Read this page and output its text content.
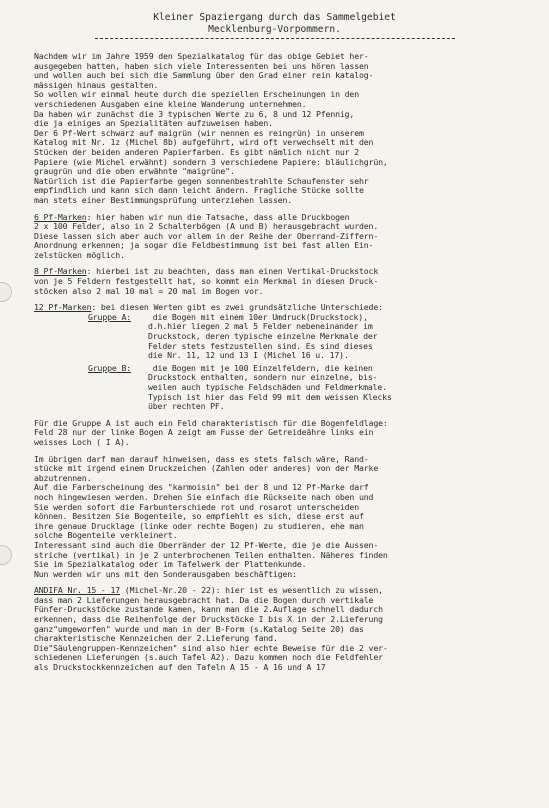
Kleiner Spaziergang durch das Sammelgebiet
Mecklenburg-Vorpommern.
Nachdem wir im Jahre 1959 den Spezialkatalog für das obige Gebiet her-
ausgegeben hatten, haben sich viele Interessenten bei uns hören lassen
und wollen auch bei sich die Sammlung über den Grad einer rein katalog-
mässigen hinaus gestalten.
So wollen wir einmal heute durch die speziellen Erscheinungen in den
verschiedenen Ausgaben eine kleine Wanderung unternehmen.
Da haben wir zunächst die 3 typischen Werte zu 6, 8 und 12 Pfennig,
die ja einiges an Spezialitäten aufzuweisen haben.
Der 6 Pf-Wert schwarz auf maigrün (wir nennen es reingrün) in unserem
Katalog mit Nr. 1z (Michel 8b) aufgeführt, wird oft verwechselt mit den
Stücken der beiden anderen Papierfarben. Es gibt nämlich nicht nur 2
Papiere (wie Michel erwähnt) sondern 3 verschiedene Papiere: bläulichgrün,
graugrün und die oben erwähnte "maigrüne".
Natürlich ist die Papierfarbe gegen sonnenbestrahlte Schaufenster sehr
empfindlich und kann sich dann leicht ändern. Fragliche Stücke sollte
man stets einer Bestimmungsprüfung unterziehen lassen.
6 Pf-Marken: hier haben wir nun die Tatsache, dass alle Druckbogen
2 x 100 Felder, also in 2 Schalterbögen (A und B) herausgebracht wurden.
Diese lassen sich aber auch vor allem in der Reihe der Oberrand-Ziffern-
Anordnung erkennen; ja sogar die Feldbestimmung ist bei fast allen Ein-
zelstücken möglich.
8 Pf-Marken: hierbei ist zu beachten, dass man einen Vertikal-Druckstock
von je 5 Feldern festgestellt hat, so kommt ein Merkmal in diesen Druck-
stöcken also 2 mal 10 mal = 20 mal im Bogen vor.
12 Pf-Marken: bei diesen Werten gibt es zwei grundsätzliche Unterschiede:
Gruppe A:	die Bogen mit einem 10er Umdruck(Druckstock),
d.h.hier liegen 2 mal 5 Felder nebeneinander im
Druckstock, deren typische einzelne Merkmale der
Felder stets festzustellen sind. Es sind dieses
die Nr. 11, 12 und 13 I (Michel 16 u. 17).
Gruppe B:	die Bogen mit je 100 Einzelfeldern, die keinen
Druckstock enthalten, sondern nur einzelne, bis-
weilen auch typische Feldschäden und Feldmerkmale.
Typisch ist hier das Feld 99 mit dem weissen Klecks
über rechten PF.
Für die Gruppe A ist auch ein Feld charakteristisch für die Bogenfeldlage:
Feld 28 nur der linke Bogen A zeigt am Fusse der Getreideähre links ein
weisses Loch ( I A).
Im übrigen darf man darauf hinweisen, dass es stets falsch wäre, Rand-
stücke mit irgend einem Druckzeichen (Zahlen oder anderes) von der Marke
abzutrennen.
Auf die Farberscheinung des "karmoisin" bei der 8 und 12 Pf-Marke darf
noch hingewiesen werden. Drehen Sie einfach die Rückseite nach oben und
Sie werden sofort die Farbunterschiede rot und rosarot unterscheiden
können. Besitzen Sie Bogenteile, so empfiehlt es sich, diese erst auf
ihre genaue Drucklage (linke oder rechte Bogen) zu studieren, ehe man
solche Bogenteile verkleinert.
Interessant sind auch die Oberränder der 12 Pf-Werte, die je die Aussen-
striche (vertikal) in je 2 unterbrochenen Teilen enthalten. Näheres finden
Sie im Spezialkatalog oder im Tafelwerk der Plattenkunde.
Nun werden wir uns mit den Sonderausgaben beschäftigen:
ANDIFA Nr. 15 - 17 (Michel-Nr.20 - 22): hier ist es wesentlich zu wissen,
dass man 2 Lieferungen herausgebracht hat. Da die Bogen durch vertikale
Fünfer-Druckstöcke zustande kamen, kann man die 2.Auflage schnell dadurch
erkennen, dass die Reihenfolge der Druckstöcke I bis X in der 2.Lieferung
ganz"umgeworfen" wurde und man in der B-Form (s.Katalog Seite 20) das
charakteristische Kennzeichen der 2.Lieferung fand.
Die"Säulengruppen-Kennzeichen" sind also hier echte Beweise für die 2 ver-
schiedenen Lieferungen (s.auch Tafel A2). Dazu kommen noch die Feldfehler
als Druckstockkennzeichen auf den Tafeln A 15 - A 16 und A 17
